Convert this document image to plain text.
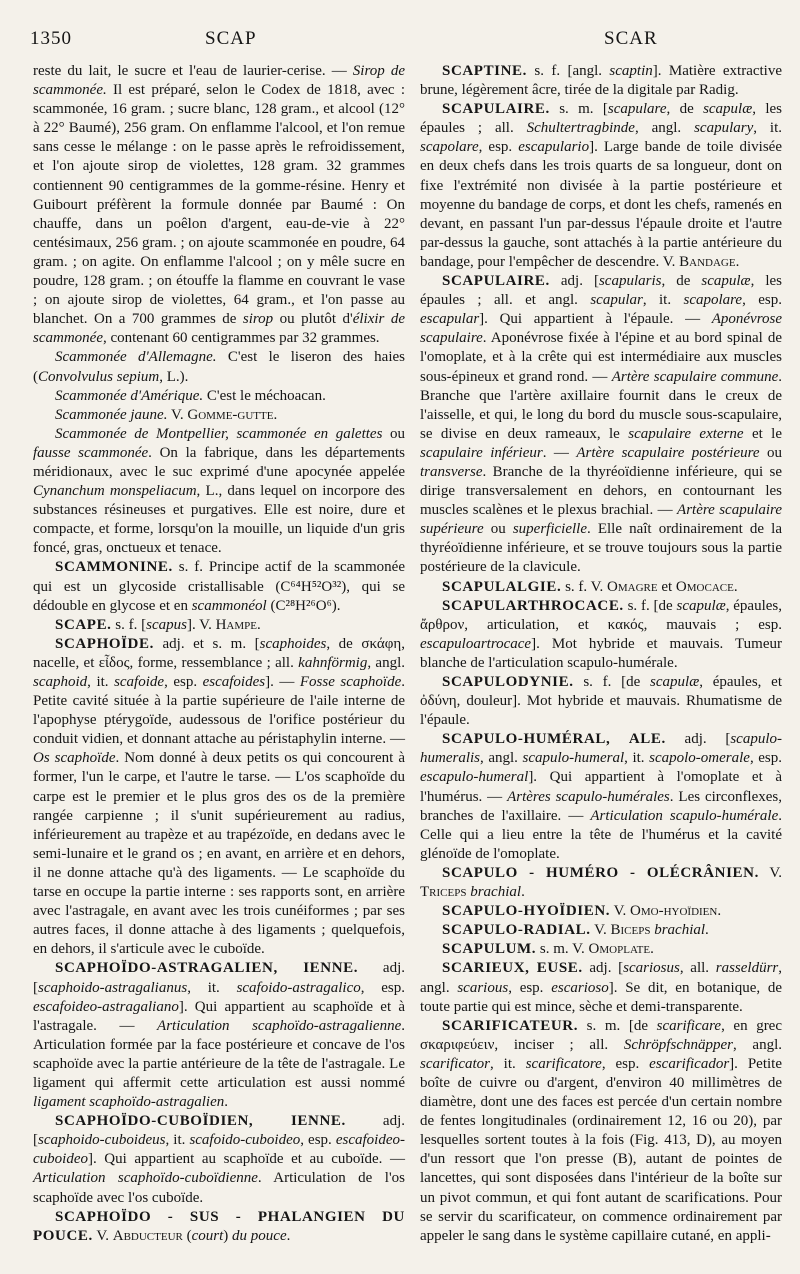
1350	SCAP	SCAR

reste du lait, le sucre et l'eau de laurier-cerise. — Sirop de scammonée. Il est préparé, selon le Codex de 1818, avec : scammonée, 16 gram. ; sucre blanc, 128 gram., et alcool (12° à 22° Baumé), 256 gram. On enflamme l'alcool, et l'on remue sans cesse le mélange : on le passe après le refroidissement, et l'on ajoute sirop de violettes, 128 gram. 32 grammes contiennent 90 centigrammes de la gomme-résine. Henry et Guibourt préfèrent la formule donnée par Baumé : On chauffe, dans un poêlon d'argent, eau-de-vie à 22° centésimaux, 256 gram. ; on ajoute scammonée en poudre, 64 gram. ; on agite. On enflamme l'alcool ; on y mêle sucre en poudre, 128 gram. ; on étouffe la flamme en couvrant le vase ; on ajoute sirop de violettes, 64 gram., et l'on passe au blanchet. On a 700 grammes de sirop ou plutôt d'élixir de scammonée, contenant 60 centigrammes par 32 grammes.

Scammonée d'Allemagne. C'est le liseron des haies (Convolvulus sepium, L.).

Scammonée d'Amérique. C'est le méchoacan.

Scammonée jaune. V. Gomme-gutte.

Scammonée de Montpellier, scammonée en galettes ou fausse scammonée. On la fabrique, dans les départements méridionaux, avec le suc exprimé d'une apocynée appelée Cynanchum monspeliacum, L., dans lequel on incorpore des substances résineuses et purgatives. Elle est noire, dure et compacte, et forme, lorsqu'on la mouille, un liquide d'un gris foncé, gras, onctueux et tenace.

SCAMMONINE. s. f. Principe actif de la scammonée qui est un glycoside cristallisable (C⁶⁴H⁵²O³²), qui se dédouble en glycose et en scammonéol (C²⁸H²⁶O⁶).

SCAPE. s. f. [scapus]. V. Hampe.

SCAPHOÏDE. adj. et s. m. [scaphoides, de σκάφη, nacelle, et εἶδος, forme, ressemblance ; all. kahnförmig, angl. scaphoid, it. scafoide, esp. escafoides]. — Fosse scaphoïde. Petite cavité située à la partie supérieure de l'aile interne de l'apophyse ptérygoïde, audessous de l'orifice postérieur du conduit vidien, et donnant attache au péristaphylin interne. — Os scaphoïde. Nom donné à deux petits os qui concourent à former, l'un le carpe, et l'autre le tarse. — L'os scaphoïde du carpe est le premier et le plus gros des os de la première rangée carpienne ; il s'unit supérieurement au radius, inférieurement au trapèze et au trapézoïde, en dedans avec le semi-lunaire et le grand os ; en avant, en arrière et en dehors, il ne donne attache qu'à des ligaments. — Le scaphoïde du tarse en occupe la partie interne : ses rapports sont, en arrière avec l'astragale, en avant avec les trois cunéiformes ; par ses autres faces, il donne attache à des ligaments ; quelquefois, en dehors, il s'articule avec le cuboïde.

SCAPHOÏDO-ASTRAGALIEN, IENNE. adj. [scaphoido-astragalianus, it. scafoido-astragalico, esp. escafoideo-astragaliano]. Qui appartient au scaphoïde et à l'astragale. — Articulation scaphoïdo-astragalienne. Articulation formée par la face postérieure et concave de l'os scaphoïde avec la partie antérieure de la tête de l'astragale. Le ligament qui affermit cette articulation est aussi nommé ligament scaphoïdo-astragalien.

SCAPHOÏDO-CUBOÏDIEN, IENNE. adj. [scaphoido-cuboideus, it. scafoido-cuboideo, esp. escafoideo-cuboideo]. Qui appartient au scaphoïde et au cuboïde. — Articulation scaphoïdo-cuboïdienne. Articulation de l'os scaphoïde avec l'os cuboïde.

SCAPHOÏDO - SUS - PHALANGIEN DU POUCE. V. Abducteur (court) du pouce.

SCAPTINE. s. f. [angl. scaptin]. Matière extractive brune, légèrement âcre, tirée de la digitale par Radig.

SCAPULAIRE. s. m. [scapulare, de scapulæ, les épaules ; all. Schultertragbinde, angl. scapulary, it. scapolare, esp. escapulario]. Large bande de toile divisée en deux chefs dans les trois quarts de sa longueur, dont on fixe l'extrémité non divisée à la partie postérieure et moyenne du bandage de corps, et dont les chefs, ramenés en devant, en passant l'un par-dessus l'épaule droite et l'autre par-dessus la gauche, sont attachés à la partie antérieure du bandage, pour l'empêcher de descendre. V. Bandage.

SCAPULAIRE. adj. [scapularis, de scapulæ, les épaules ; all. et angl. scapular, it. scapolare, esp. escapular]. Qui appartient à l'épaule. — Aponévrose scapulaire. Aponévrose fixée à l'épine et au bord spinal de l'omoplate, et à la crête qui est intermédiaire aux muscles sous-épineux et grand rond. — Artère scapulaire commune. Branche que l'artère axillaire fournit dans le creux de l'aisselle, et qui, le long du bord du muscle sous-scapulaire, se divise en deux rameaux, le scapulaire externe et le scapulaire inférieur. — Artère scapulaire postérieure ou transverse. Branche de la thyréoïdienne inférieure, qui se dirige transversalement en dehors, en contournant les muscles scalènes et le plexus brachial. — Artère scapulaire supérieure ou superficielle. Elle naît ordinairement de la thyréoïdienne inférieure, et se trouve toujours sous la partie postérieure de la clavicule.

SCAPULALGIE. s. f. V. Omagre et Omocace.

SCAPULARTHROCACE. s. f. [de scapulæ, épaules, ἄρθρον, articulation, et κακός, mauvais ; esp. escapuloartrocace]. Mot hybride et mauvais. Tumeur blanche de l'articulation scapulo-humérale.

SCAPULODYNIE. s. f. [de scapulæ, épaules, et ὀδύνη, douleur]. Mot hybride et mauvais. Rhumatisme de l'épaule.

SCAPULO-HUMÉRAL, ALE. adj. [scapulo-humeralis, angl. scapulo-humeral, it. scapolo-omerale, esp. escapulo-humeral]. Qui appartient à l'omoplate et à l'humérus. — Artères scapulo-humérales. Les circonflexes, branches de l'axillaire. — Articulation scapulo-humérale. Celle qui a lieu entre la tête de l'humérus et la cavité glénoïde de l'omoplate.

SCAPULO - HUMÉRO - OLÉCRÂNIEN. V. Triceps brachial.

SCAPULO-HYOÏDIEN. V. Omo-hyoïdien.

SCAPULO-RADIAL. V. Biceps brachial.

SCAPULUM. s. m. V. Omoplate.

SCARIEUX, EUSE. adj. [scariosus, all. rasseldürr, angl. scarious, esp. escarioso]. Se dit, en botanique, de toute partie qui est mince, sèche et demi-transparente.

SCARIFICATEUR. s. m. [de scarificare, en grec σκαριφεύειν, inciser ; all. Schröpfschnäpper, angl. scarificator, it. scarificatore, esp. escarificador]. Petite boîte de cuivre ou d'argent, d'environ 40 millimètres de diamètre, dont une des faces est percée d'un certain nombre de fentes longitudinales (ordinairement 12, 16 ou 20), par lesquelles sortent toutes à la fois (Fig. 413, D), au moyen d'un ressort que l'on presse (B), autant de pointes de lancettes, qui sont disposées dans l'intérieur de la boîte sur un pivot commun, et qui font autant de scarifications. Pour se servir du scarificateur, on commence ordinairement par appeler le sang dans le système capillaire cutané, en appli-
